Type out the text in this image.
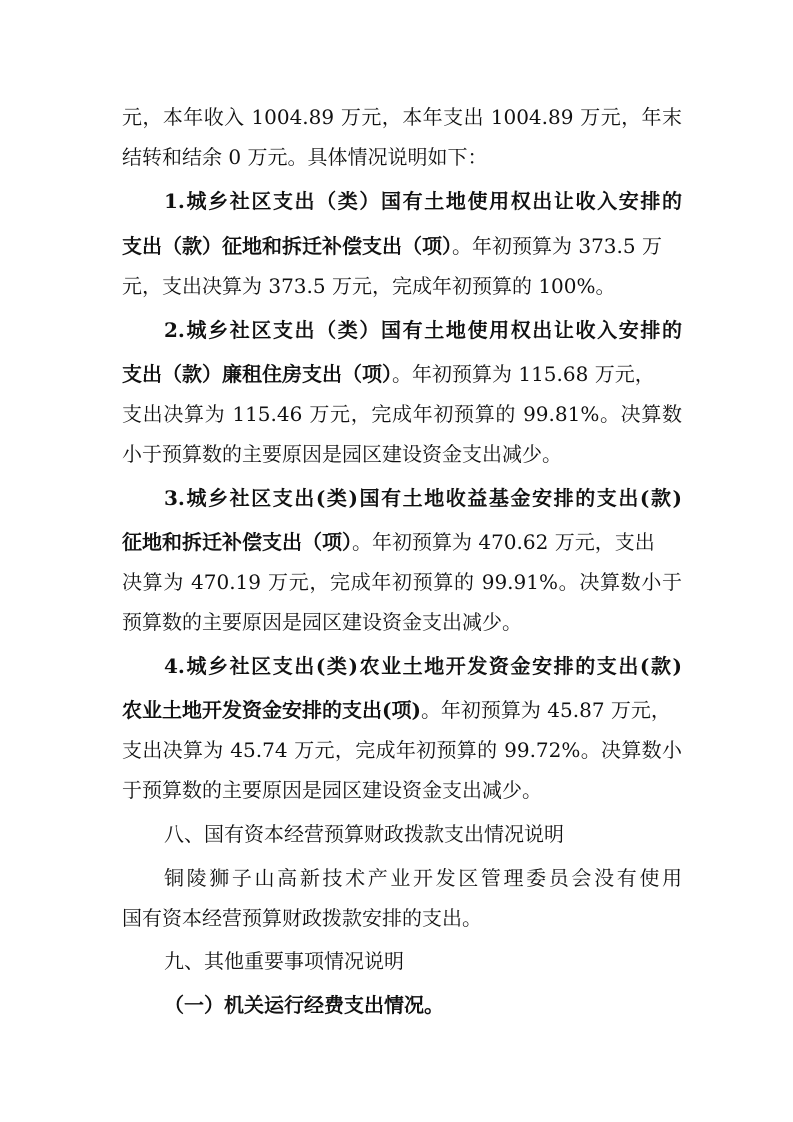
元，本年收入 1004.89 万元，本年支出 1004.89 万元，年末
结转和结余 0 万元。具体情况说明如下：
1.城乡社区支出（类）国有土地使用权出让收入安排的
支出（款）征地和拆迁补偿支出（项）。年初预算为 373.5 万
元，支出决算为 373.5 万元，完成年初预算的 100%。
2.城乡社区支出（类）国有土地使用权出让收入安排的
支出（款）廉租住房支出（项）。年初预算为 115.68 万元，
支出决算为 115.46 万元，完成年初预算的 99.81%。决算数
小于预算数的主要原因是园区建设资金支出减少。
3.城乡社区支出(类)国有土地收益基金安排的支出(款)
征地和拆迁补偿支出（项）。年初预算为 470.62 万元，支出
决算为 470.19 万元，完成年初预算的 99.91%。决算数小于
预算数的主要原因是园区建设资金支出减少。
4.城乡社区支出(类)农业土地开发资金安排的支出(款)
农业土地开发资金安排的支出(项)。年初预算为 45.87 万元，
支出决算为 45.74 万元，完成年初预算的 99.72%。决算数小
于预算数的主要原因是园区建设资金支出减少。
八、国有资本经营预算财政拨款支出情况说明
铜陵狮子山高新技术产业开发区管理委员会没有使用
国有资本经营预算财政拨款安排的支出。
九、其他重要事项情况说明
（一）机关运行经费支出情况。
